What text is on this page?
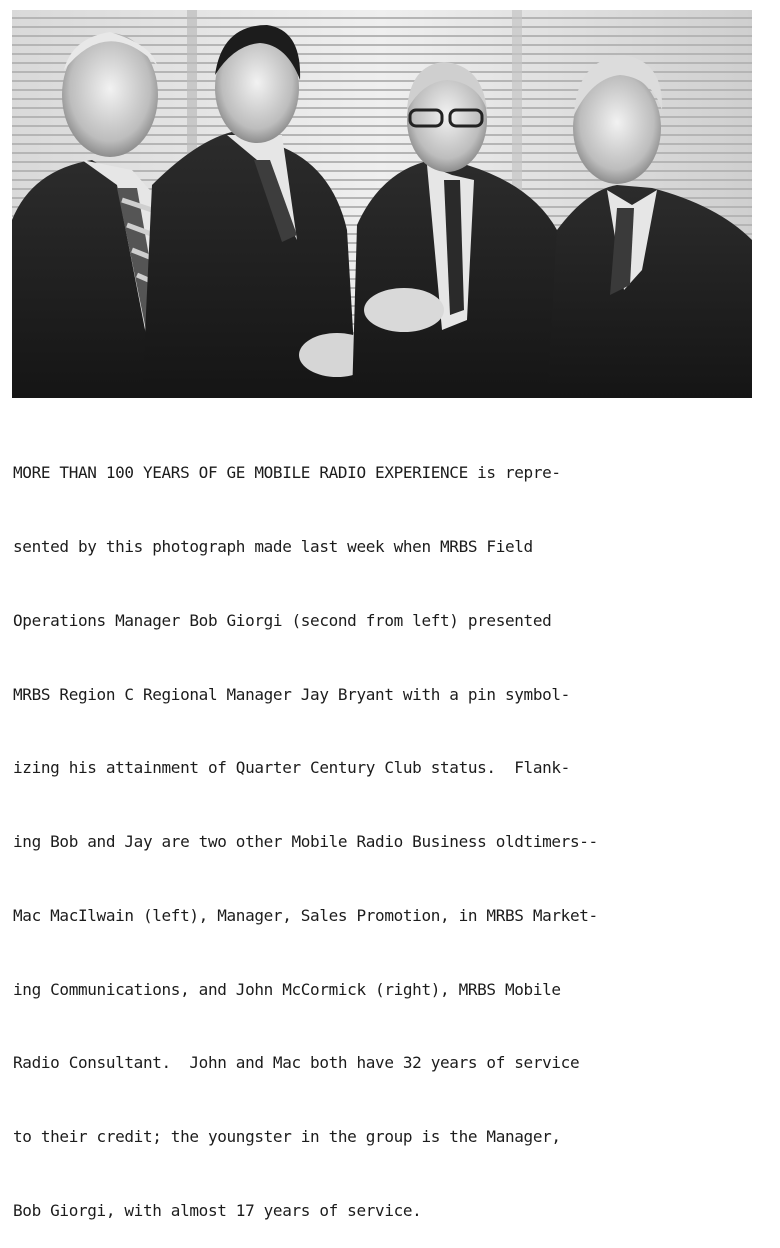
MORE THAN 100 YEARS OF GE MOBILE RADIO EXPERIENCE is repre-

sented by this photograph made last week when MRBS Field

Operations Manager Bob Giorgi (second from left) presented

MRBS Region C Regional Manager Jay Bryant with a pin symbol-

izing his attainment of Quarter Century Club status.  Flank-

ing Bob and Jay are two other Mobile Radio Business oldtimers--

Mac MacIlwain (left), Manager, Sales Promotion, in MRBS Market-

ing Communications, and John McCormick (right), MRBS Mobile

Radio Consultant.  John and Mac both have 32 years of service

to their credit; the youngster in the group is the Manager,

Bob Giorgi, with almost 17 years of service.
